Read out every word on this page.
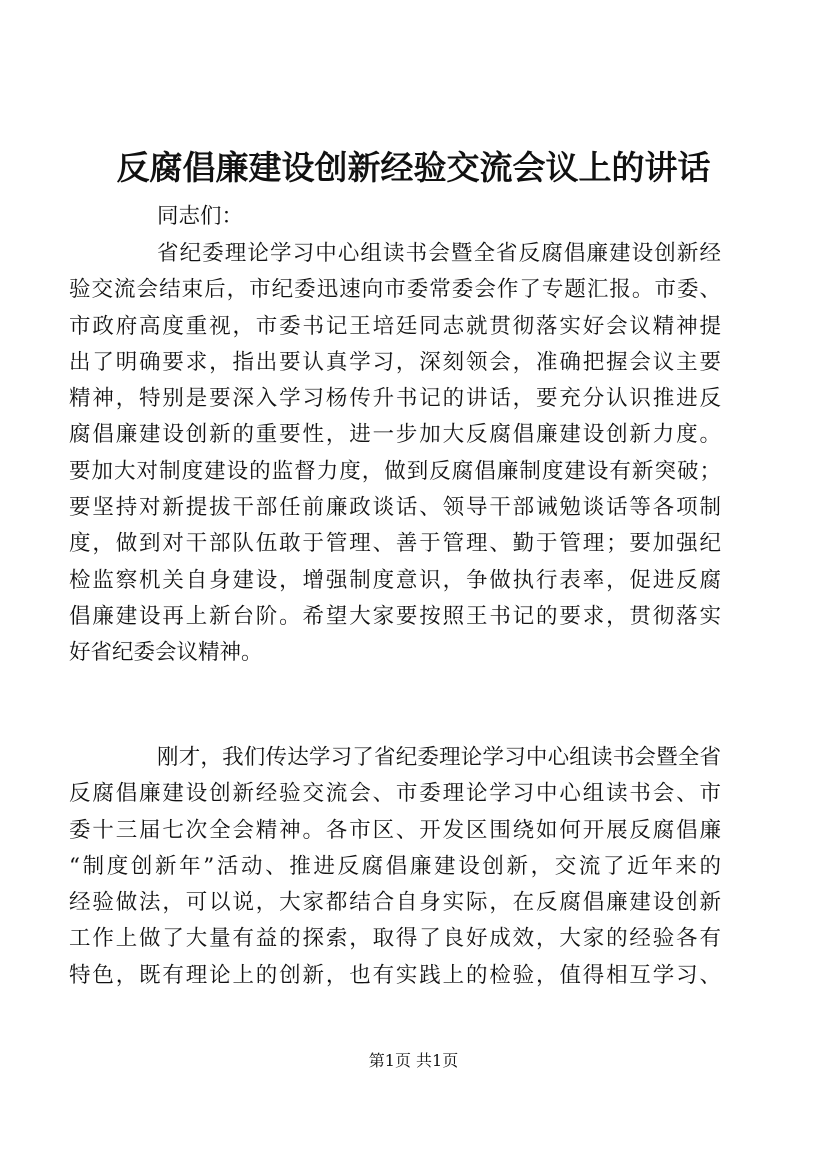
反腐倡廉建设创新经验交流会议上的讲话
同志们：
省纪委理论学习中心组读书会暨全省反腐倡廉建设创新经
验交流会结束后，市纪委迅速向市委常委会作了专题汇报。市委、
市政府高度重视，市委书记王培廷同志就贯彻落实好会议精神提
出了明确要求，指出要认真学习，深刻领会，准确把握会议主要
精神，特别是要深入学习杨传升书记的讲话，要充分认识推进反
腐倡廉建设创新的重要性，进一步加大反腐倡廉建设创新力度。
要加大对制度建设的监督力度，做到反腐倡廉制度建设有新突破；
要坚持对新提拔干部任前廉政谈话、领导干部诫勉谈话等各项制
度，做到对干部队伍敢于管理、善于管理、勤于管理；要加强纪
检监察机关自身建设，增强制度意识，争做执行表率，促进反腐
倡廉建设再上新台阶。希望大家要按照王书记的要求，贯彻落实
好省纪委会议精神。
刚才，我们传达学习了省纪委理论学习中心组读书会暨全省
反腐倡廉建设创新经验交流会、市委理论学习中心组读书会、市
委十三届七次全会精神。各市区、开发区围绕如何开展反腐倡廉
“制度创新年”活动、推进反腐倡廉建设创新，交流了近年来的
经验做法，可以说，大家都结合自身实际，在反腐倡廉建设创新
工作上做了大量有益的探索，取得了良好成效，大家的经验各有
特色，既有理论上的创新，也有实践上的检验，值得相互学习、
第1页 共1页
